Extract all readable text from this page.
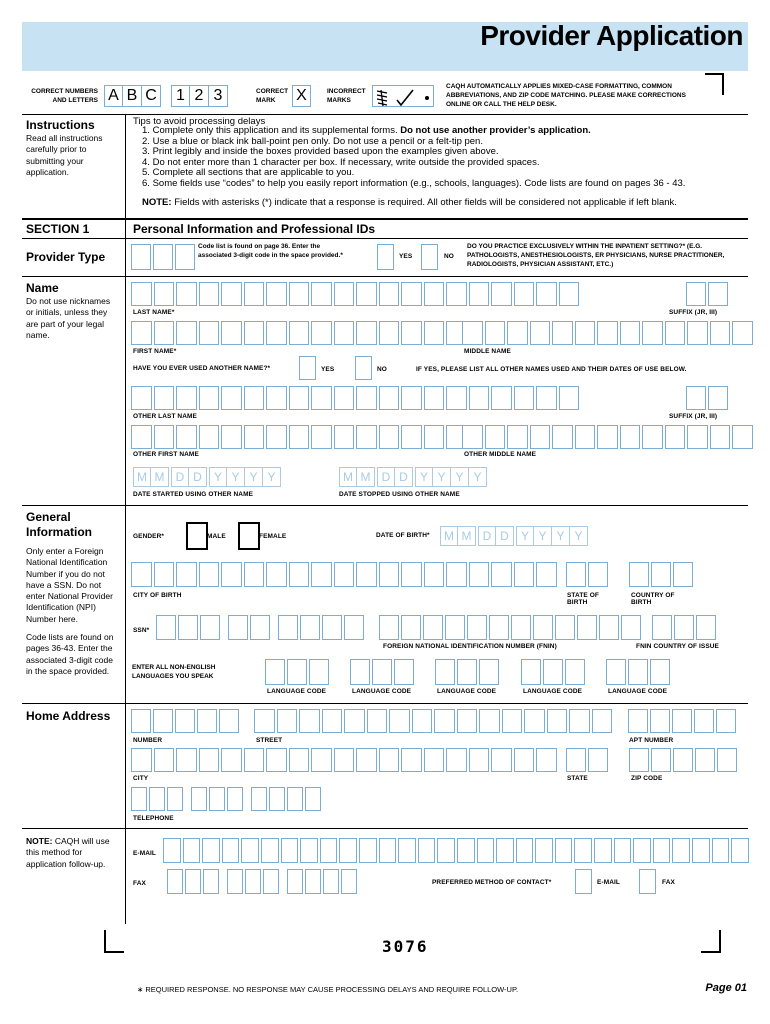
Provider Application
CORRECT NUMBERS AND LETTERS A B C	1 2 3	CORRECT MARK	X	INCORRECT MARKS
CAQH AUTOMATICALLY APPLIES MIXED-CASE FORMATTING, COMMON ABBREVIATIONS, AND ZIP CODE MATCHING. PLEASE MAKE CORRECTIONS ONLINE OR CALL THE HELP DESK.
Instructions
Read all instructions carefully prior to submitting your application.
Tips to avoid processing delays
1. Complete only this application and its supplemental forms. Do not use another provider’s application.
2. Use a blue or black ink ball-point pen only. Do not use a pencil or a felt-tip pen.
3. Print legibly and inside the boxes provided based upon the examples given above.
4. Do not enter more than 1 character per box. If necessary, write outside the provided spaces.
5. Complete all sections that are applicable to you.
6. Some fields use “codes” to help you easily report information (e.g., schools, languages). Code lists are found on pages 36 - 43.
NOTE: Fields with asterisks (*) indicate that a response is required. All other fields will be considered not applicable if left blank.
SECTION 1	Personal Information and Professional IDs
Provider Type
Code list is found on page 36. Enter the associated 3-digit code in the space provided.*	YES	NO
DO YOU PRACTICE EXCLUSIVELY WITHIN THE INPATIENT SETTING?* (E.G. PATHOLOGISTS, ANESTHESIOLOGISTS, ER PHYSICIANS, NURSE PRACTITIONER, RADIOLOGISTS, PHYSICIAN ASSISTANT, ETC.)
Name
Do not use nicknames or initials, unless they are part of your legal name.
LAST NAME*	SUFFIX (JR, III)
FIRST NAME*	MIDDLE NAME
HAVE YOU EVER USED ANOTHER NAME?*	YES	NO	IF YES, PLEASE LIST ALL OTHER NAMES USED AND THEIR DATES OF USE BELOW.
OTHER LAST NAME	SUFFIX (JR, III)
OTHER FIRST NAME	OTHER MIDDLE NAME
M M D D	Y Y Y Y	M M D D	Y Y Y Y
DATE STARTED USING OTHER NAME	DATE STOPPED USING OTHER NAME
General Information
Only enter a Foreign National Identification Number if you do not have a SSN. Do not enter National Provider Identification (NPI) Number here.
Code lists are found on pages 36-43. Enter the associated 3-digit code in the space provided.
GENDER*	MALE	FEMALE	DATE OF BIRTH*	M M D D	Y Y Y Y
CITY OF BIRTH	STATE OF BIRTH
COUNTRY OF BIRTH
SSN*
FOREIGN NATIONAL IDENTIFICATION NUMBER (FNIN)	FNIN COUNTRY OF ISSUE
ENTER ALL NON-ENGLISH LANGUAGES YOU SPEAK
LANGUAGE CODE	LANGUAGE CODE	LANGUAGE CODE	LANGUAGE CODE	LANGUAGE CODE
Home Address
NUMBER	STREET	APT NUMBER
CITY	STATE	ZIP CODE
TELEPHONE
NOTE: CAQH will use this method for application follow-up.
E-MAIL
FAX	PREFERRED METHOD OF CONTACT*	E-MAIL	FAX
3076
∗ REQUIRED RESPONSE. NO RESPONSE MAY CAUSE PROCESSING DELAYS AND REQUIRE FOLLOW-UP.	Page 01
